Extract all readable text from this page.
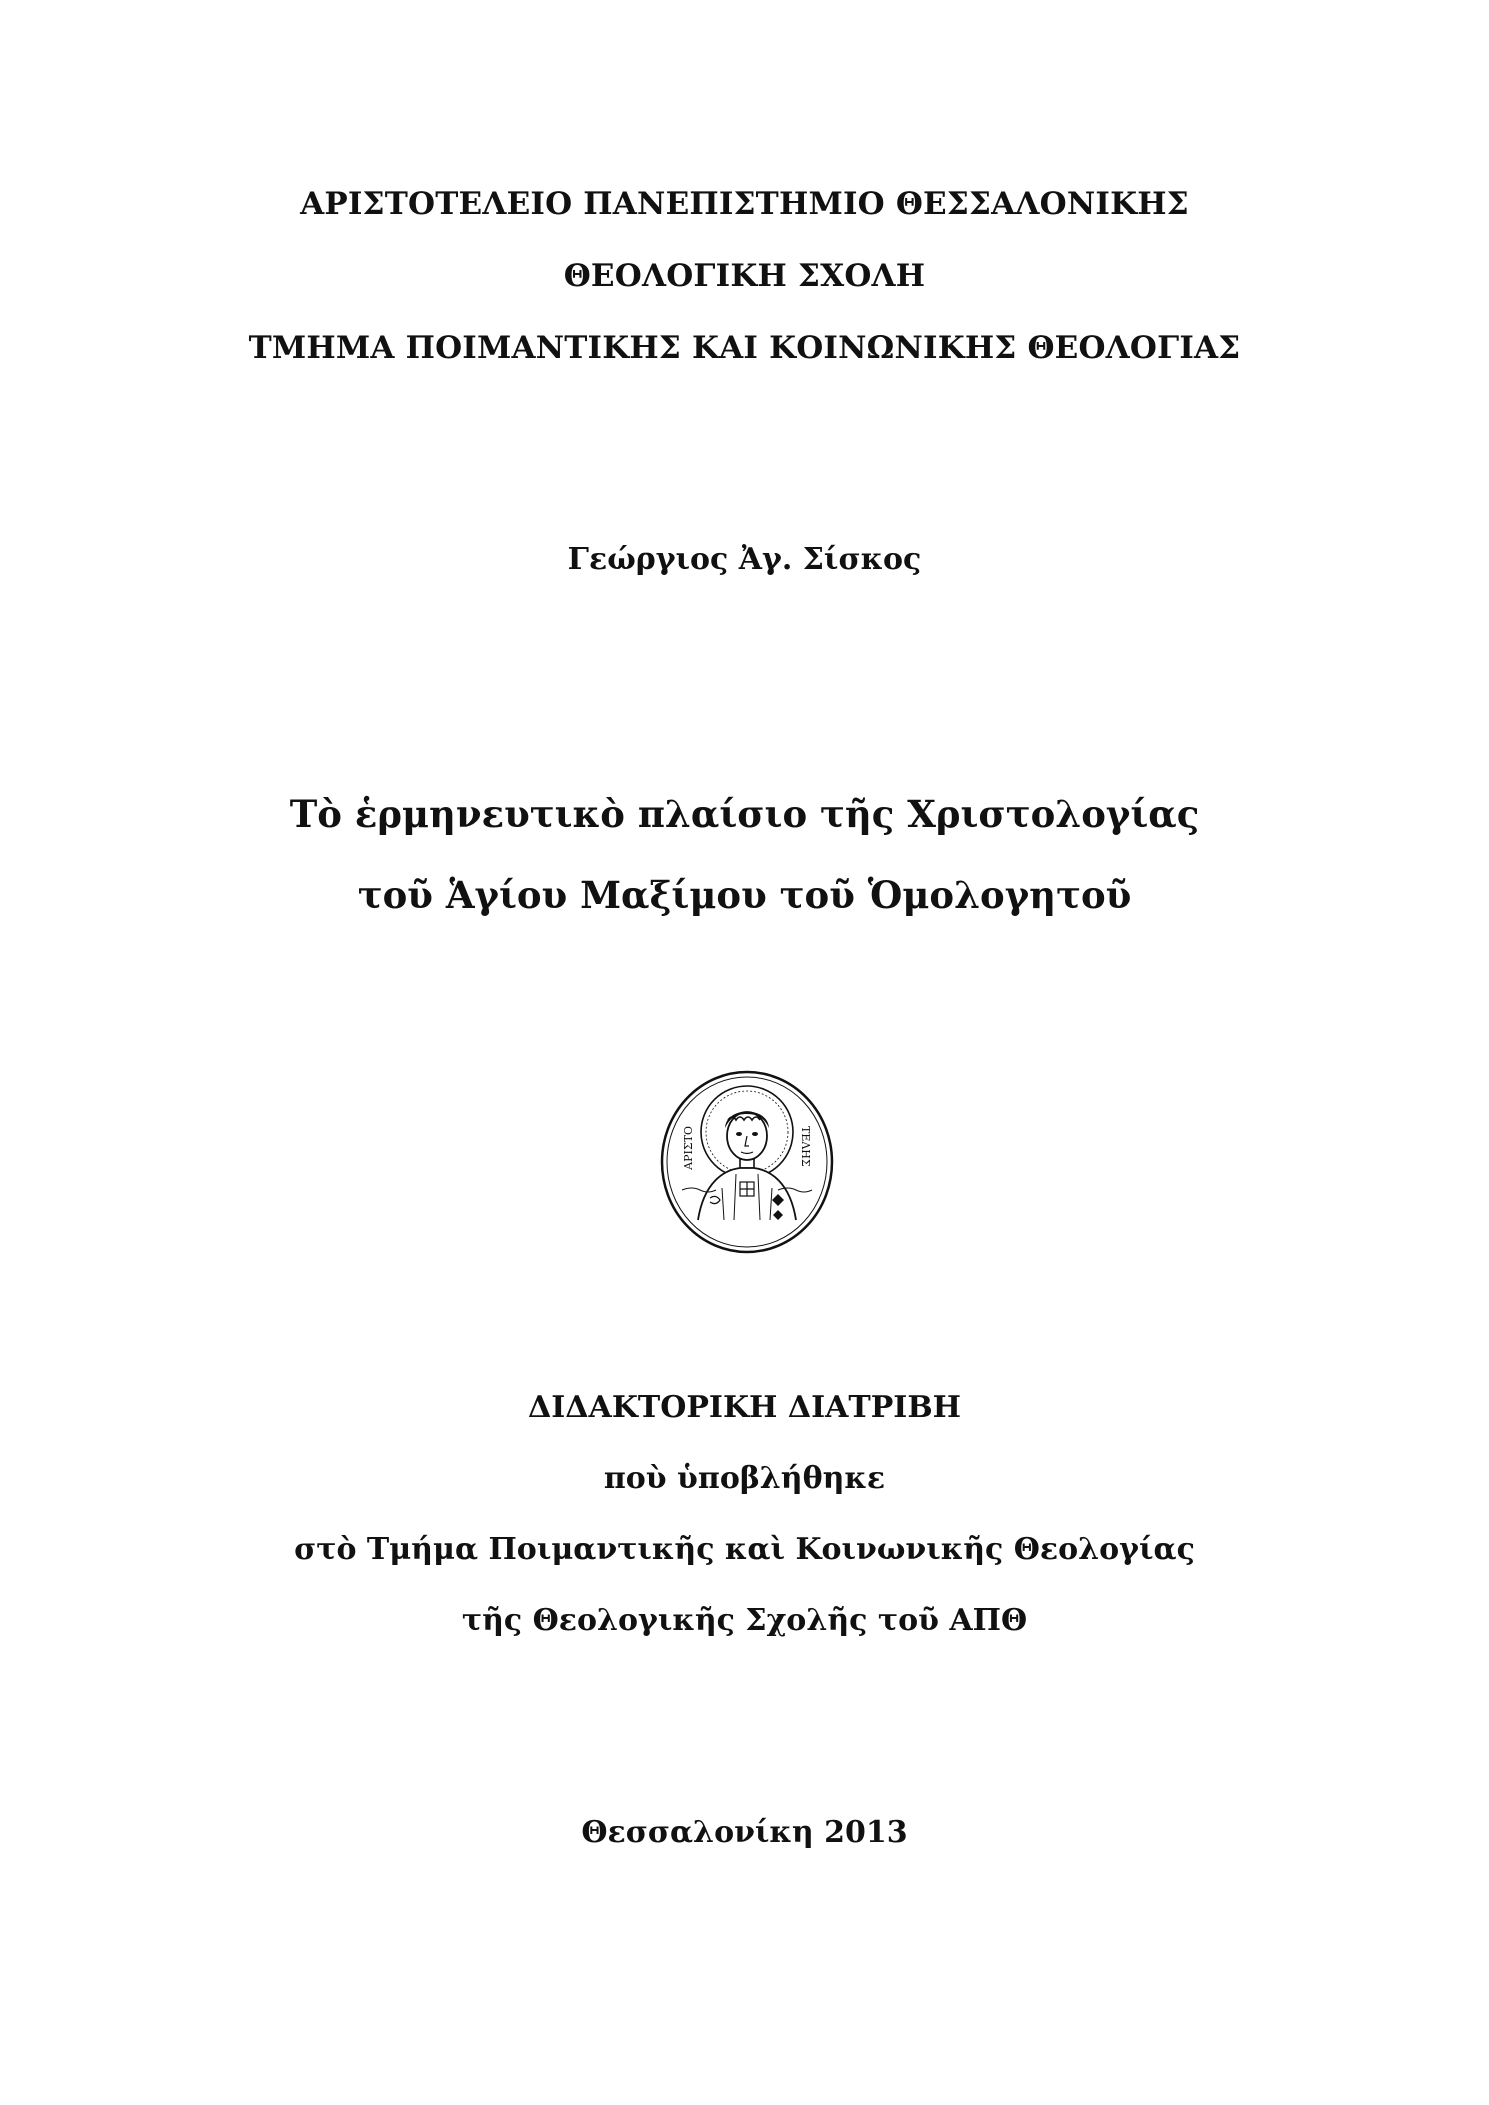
ΑΡΙΣΤΟΤΕΛΕΙΟ ΠΑΝΕΠΙΣΤΗΜΙΟ ΘΕΣΣΑΛΟΝΙΚΗΣ
ΘΕΟΛΟΓΙΚΗ ΣΧΟΛΗ
ΤΜΗΜΑ ΠΟΙΜΑΝΤΙΚΗΣ ΚΑΙ ΚΟΙΝΩΝΙΚΗΣ ΘΕΟΛΟΓΙΑΣ
Γεώργιος Ἀγ. Σίσκος
Τὸ ἑρμηνευτικὸ πλαίσιο τῆς Χριστολογίας
τοῦ Ἁγίου Μαξίμου τοῦ Ὁμολογητοῦ
ΑΡΙΣΤΟ	ΤΕΛΗΣ
ΔΙΔΑΚΤΟΡΙΚΗ ΔΙΑΤΡΙΒΗ
ποὺ ὑποβλήθηκε
στὸ Τμήμα Ποιμαντικῆς καὶ Κοινωνικῆς Θεολογίας
τῆς Θεολογικῆς Σχολῆς τοῦ ΑΠΘ
Θεσσαλονίκη 2013
